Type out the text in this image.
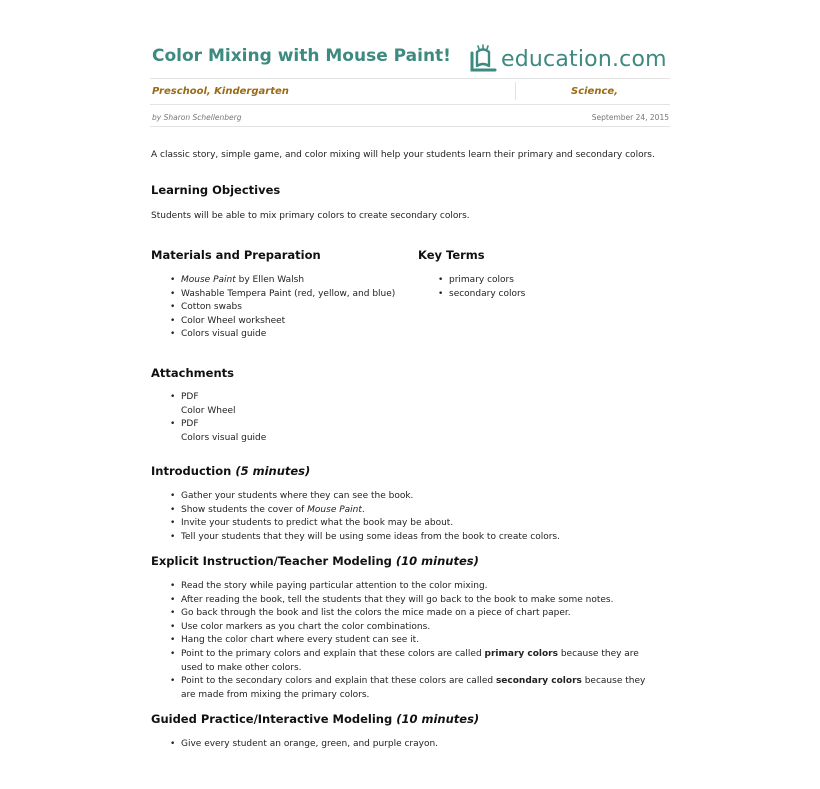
Color Mixing with Mouse Paint! education.com
Preschool, Kindergarten	Science,
by Sharon Schellenberg	September 24, 2015
A classic story, simple game, and color mixing will help your students learn their primary and secondary colors.
Learning Objectives
Students will be able to mix primary colors to create secondary colors.
Materials and Preparation
• Mouse Paint by Ellen Walsh
• Washable Tempera Paint (red, yellow, and blue)
• Cotton swabs
• Color Wheel worksheet
• Colors visual guide
Key Terms
• primary colors
• secondary colors
Attachments
• PDF
Color Wheel
• PDF
Colors visual guide
Introduction (5 minutes)
• Gather your students where they can see the book.
• Show students the cover of Mouse Paint.
• Invite your students to predict what the book may be about.
• Tell your students that they will be using some ideas from the book to create colors.
Explicit Instruction/Teacher Modeling (10 minutes)
• Read the story while paying particular attention to the color mixing.
• After reading the book, tell the students that they will go back to the book to make some notes.
• Go back through the book and list the colors the mice made on a piece of chart paper.
• Use color markers as you chart the color combinations.
• Hang the color chart where every student can see it.
• Point to the primary colors and explain that these colors are called primary colors because they are
used to make other colors.
• Point to the secondary colors and explain that these colors are called secondary colors because they
are made from mixing the primary colors.
Guided Practice/Interactive Modeling (10 minutes)
• Give every student an orange, green, and purple crayon.
